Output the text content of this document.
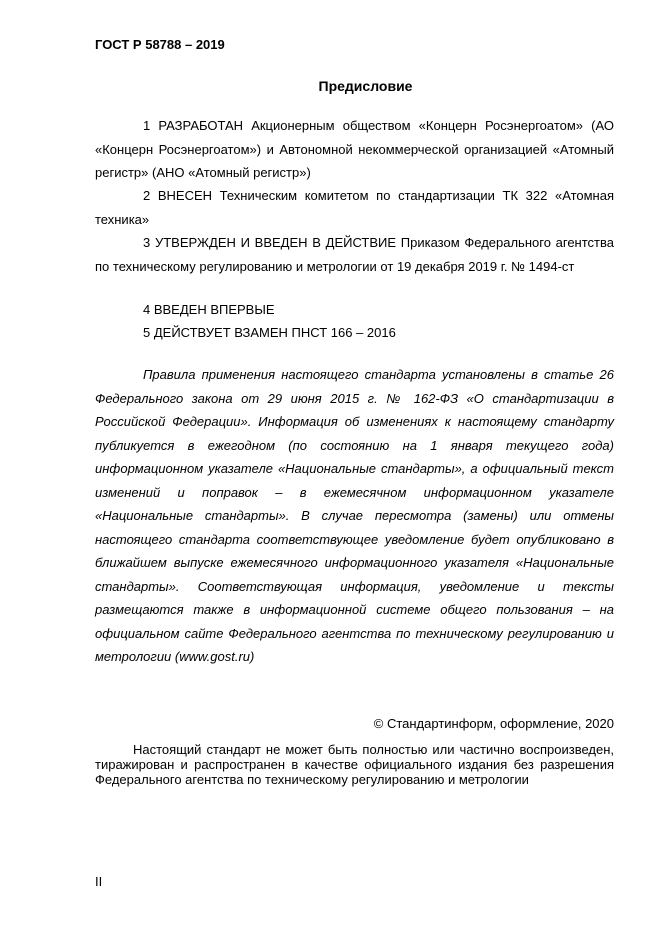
ГОСТ Р 58788 – 2019
Предисловие
1 РАЗРАБОТАН Акционерным обществом «Концерн Росэнергоатом» (АО «Концерн Росэнергоатом») и Автономной некоммерческой организацией «Атомный регистр» (АНО «Атомный регистр»)
2 ВНЕСЕН Техническим комитетом по стандартизации ТК 322 «Атомная техника»
3 УТВЕРЖДЕН И ВВЕДЕН В ДЕЙСТВИЕ Приказом Федерального агентства по техническому регулированию и метрологии от 19 декабря 2019 г. № 1494-ст
4 ВВЕДЕН ВПЕРВЫЕ
5 ДЕЙСТВУЕТ ВЗАМЕН ПНСТ 166 – 2016
Правила применения настоящего стандарта установлены в статье 26 Федерального закона от 29 июня 2015 г. № 162-ФЗ «О стандартизации в Российской Федерации». Информация об изменениях к настоящему стандарту публикуется в ежегодном (по состоянию на 1 января текущего года) информационном указателе «Национальные стандарты», а официальный текст изменений и поправок – в ежемесячном информационном указателе «Национальные стандарты». В случае пересмотра (замены) или отмены настоящего стандарта соответствующее уведомление будет опубликовано в ближайшем выпуске ежемесячного информационного указателя «Национальные стандарты». Соответствующая информация, уведомление и тексты размещаются также в информационной системе общего пользования – на официальном сайте Федерального агентства по техническому регулированию и метрологии (www.gost.ru)
© Стандартинформ, оформление, 2020
Настоящий стандарт не может быть полностью или частично воспроизведен, тиражирован и распространен в качестве официального издания без разрешения Федерального агентства по техническому регулированию и метрологии
II
